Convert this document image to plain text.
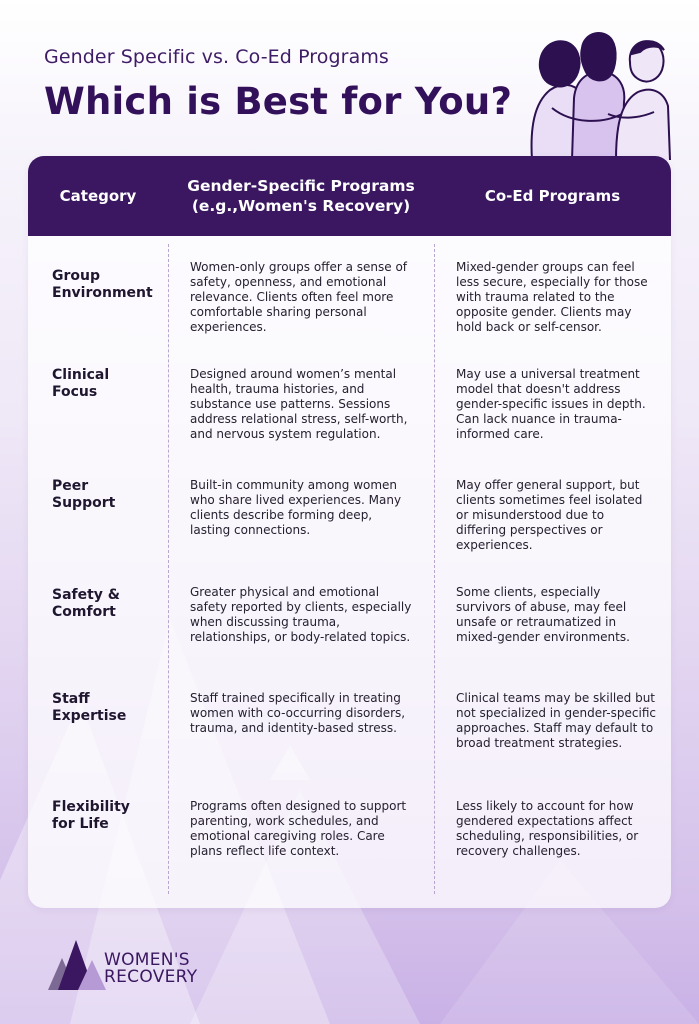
Gender Specific vs. Co-Ed Programs
Which is Best for You?
Category
Gender-Specific Programs
(e.g.,Women's Recovery)
Co-Ed Programs
Group
Environment
Women-only groups offer a sense of safety, openness, and emotional relevance. Clients often feel more comfortable sharing personal experiences.
Mixed-gender groups can feel less secure, especially for those with trauma related to the opposite gender. Clients may hold back or self-censor.
Clinical
Focus
Designed around women’s mental health, trauma histories, and substance use patterns. Sessions address relational stress, self-worth, and nervous system regulation.
May use a universal treatment model that doesn't address gender-specific issues in depth. Can lack nuance in trauma-informed care.
Peer
Support
Built-in community among women who share lived experiences. Many clients describe forming deep, lasting connections.
May offer general support, but clients sometimes feel isolated or misunderstood due to differing perspectives or experiences.
Safety &
Comfort
Greater physical and emotional safety reported by clients, especially when discussing trauma, relationships, or body-related topics.
Some clients, especially survivors of abuse, may feel unsafe or retraumatized in mixed-gender environments.
Staff
Expertise
Staff trained specifically in treating women with co-occurring disorders, trauma, and identity-based stress.
Clinical teams may be skilled but not specialized in gender-specific approaches. Staff may default to broad treatment strategies.
Flexibility
for Life
Programs often designed to support parenting, work schedules, and emotional caregiving roles. Care plans reflect life context.
Less likely to account for how gendered expectations affect scheduling, responsibilities, or recovery challenges.
WOMEN'S
RECOVERY
